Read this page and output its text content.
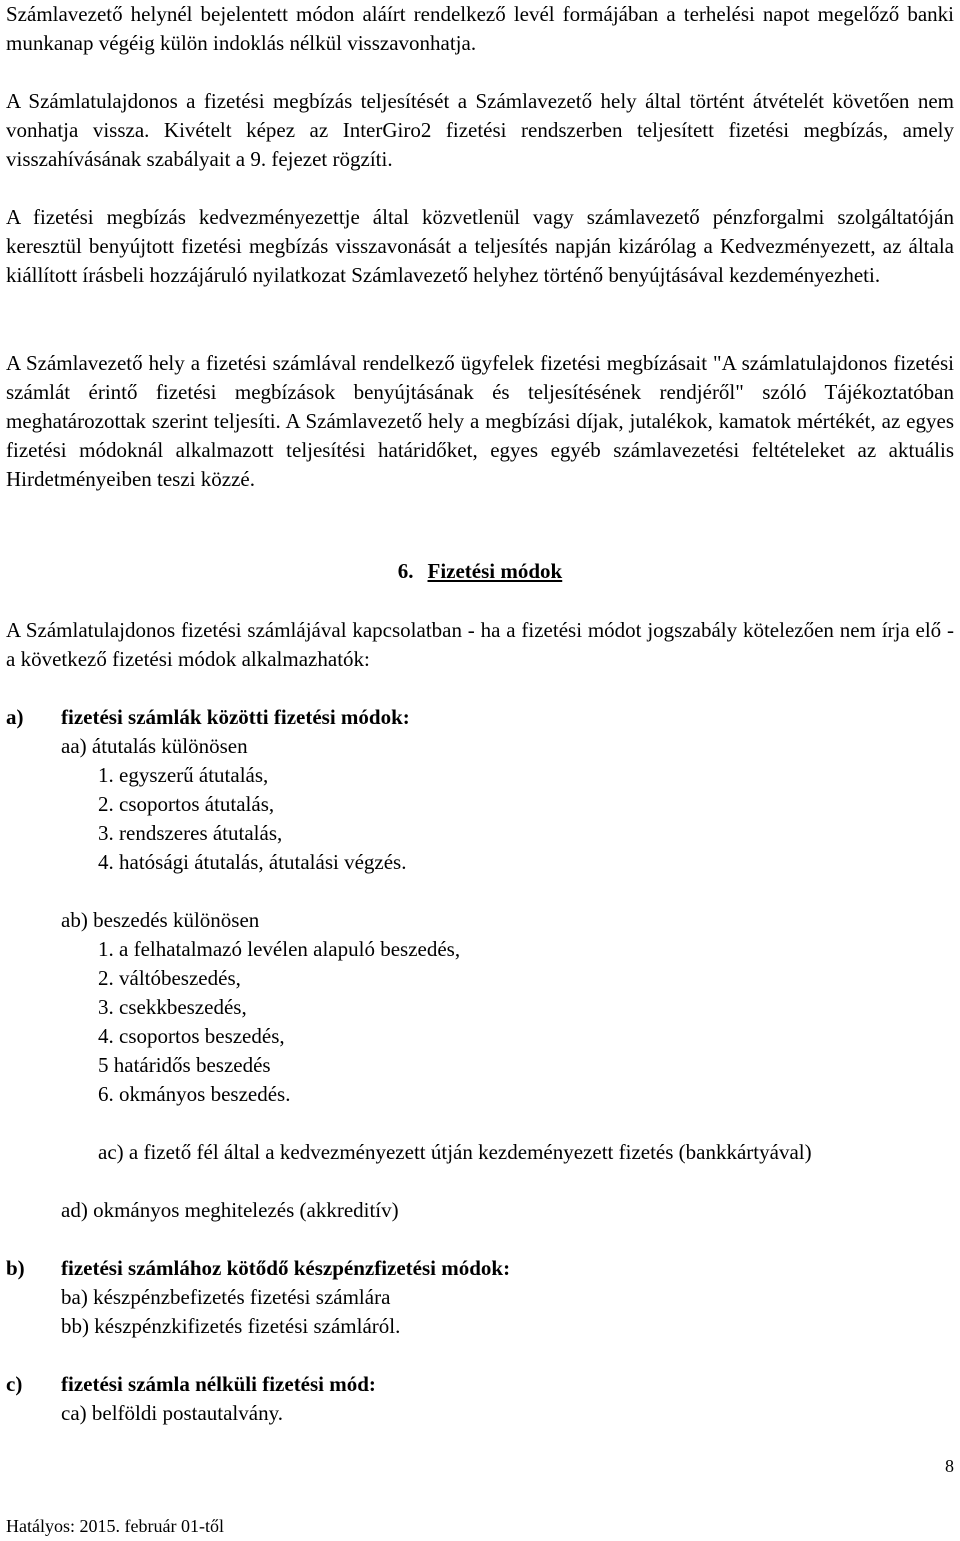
Számlavezető helynél bejelentett módon aláírt rendelkező levél formájában a terhelési napot megelőző banki munkanap végéig külön indoklás nélkül visszavonhatja.

A Számlatulajdonos a fizetési megbízás teljesítését a Számlavezető hely által történt átvételét követően nem vonhatja vissza. Kivételt képez az InterGiro2 fizetési rendszerben teljesített fizetési megbízás, amely visszahívásának szabályait a 9. fejezet rögzíti.

A fizetési megbízás kedvezményezettje által közvetlenül vagy számlavezető pénzforgalmi szolgáltatóján keresztül benyújtott fizetési megbízás visszavonását a teljesítés napján kizárólag a Kedvezményezett, az általa kiállított írásbeli hozzájáruló nyilatkozat Számlavezető helyhez történő benyújtásával kezdeményezheti.

A Számlavezető hely a fizetési számlával rendelkező ügyfelek fizetési megbízásait "A számlatulajdonos fizetési számlát érintő fizetési megbízások benyújtásának és teljesítésének rendjéről" szóló Tájékoztatóban meghatározottak szerint teljesíti. A Számlavezető hely a megbízási díjak, jutalékok, kamatok mértékét, az egyes fizetési módoknál alkalmazott teljesítési határidőket, egyes egyéb számlavezetési feltételeket az aktuális Hirdetményeiben teszi közzé.

6. Fizetési módok

A Számlatulajdonos fizetési számlájával kapcsolatban - ha a fizetési módot jogszabály kötelezően nem írja elő - a következő fizetési módok alkalmazhatók:

a) fizetési számlák közötti fizetési módok:
aa) átutalás különösen
1. egyszerű átutalás,
2. csoportos átutalás,
3. rendszeres átutalás,
4. hatósági átutalás, átutalási végzés.
ab) beszedés különösen
1. a felhatalmazó levélen alapuló beszedés,
2. váltóbeszedés,
3. csekkbeszedés,
4. csoportos beszedés,
5 határidős beszedés
6. okmányos beszedés.
ac) a fizető fél által a kedvezményezett útján kezdeményezett fizetés (bankkártyával)
ad) okmányos meghitelezés (akkreditív)
b) fizetési számlához kötődő készpénzfizetési módok:
ba) készpénzbefizetés fizetési számlára
bb) készpénzkifizetés fizetési számláról.
c) fizetési számla nélküli fizetési mód:
ca) belföldi postautalvány.
8
Hatályos: 2015. február 01-től
